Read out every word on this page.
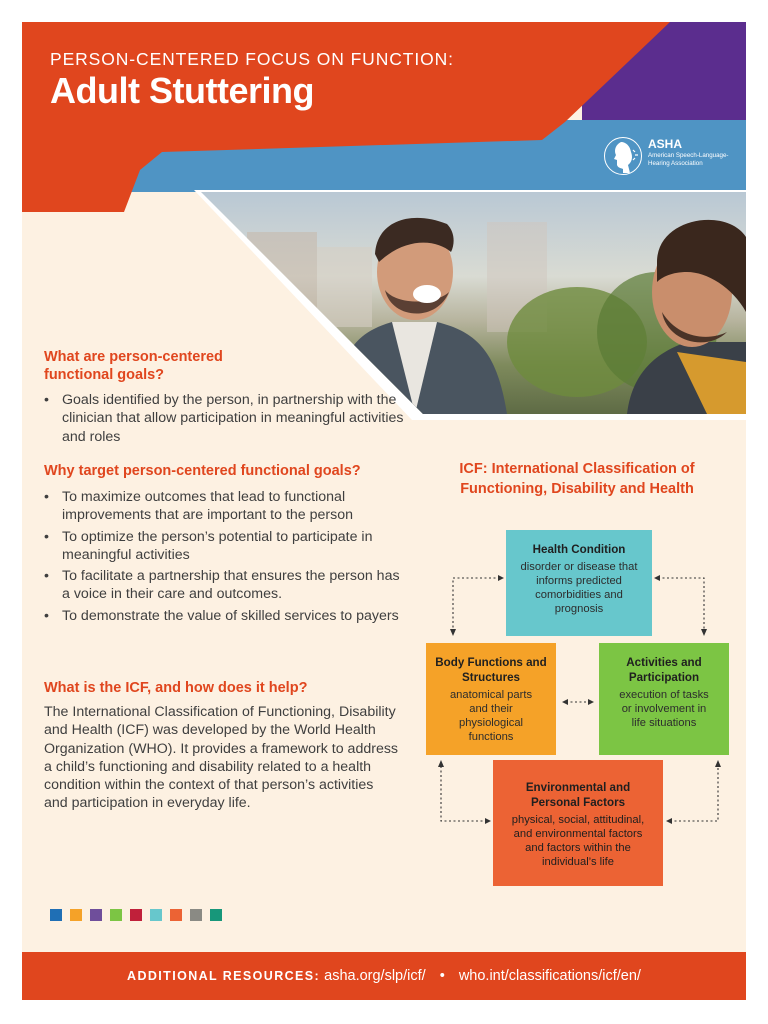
PERSON-CENTERED FOCUS ON FUNCTION:
Adult Stuttering
ASHA
American Speech-Language-Hearing Association
What are person-centered functional goals?
• Goals identified by the person, in partnership with the clinician that allow participation in meaningful activities and roles
Why target person-centered functional goals?
• To maximize outcomes that lead to functional improvements that are important to the person
• To optimize the person’s potential to participate in meaningful activities
• To facilitate a partnership that ensures the person has a voice in their care and outcomes.
• To demonstrate the value of skilled services to payers
What is the ICF, and how does it help?

The International Classification of Functioning, Disability and Health (ICF) was developed by the World Health Organization (WHO). It provides a framework to address a child’s functioning and disability related to a health condition within the context of that person’s activities and participation in everyday life.

ICF: International Classification of Functioning, Disability and Health
Health Condition
disorder or disease that informs predicted comorbidities and prognosis
Body Functions and Structures
anatomical parts and their physiological functions
Activities and Participation
execution of tasks or involvement in life situations
Environmental and Personal Factors
physical, social, attitudinal, and environmental factors and factors within the individual’s life
ADDITIONAL RESOURCES: asha.org/slp/icf/ • who.int/classifications/icf/en/
